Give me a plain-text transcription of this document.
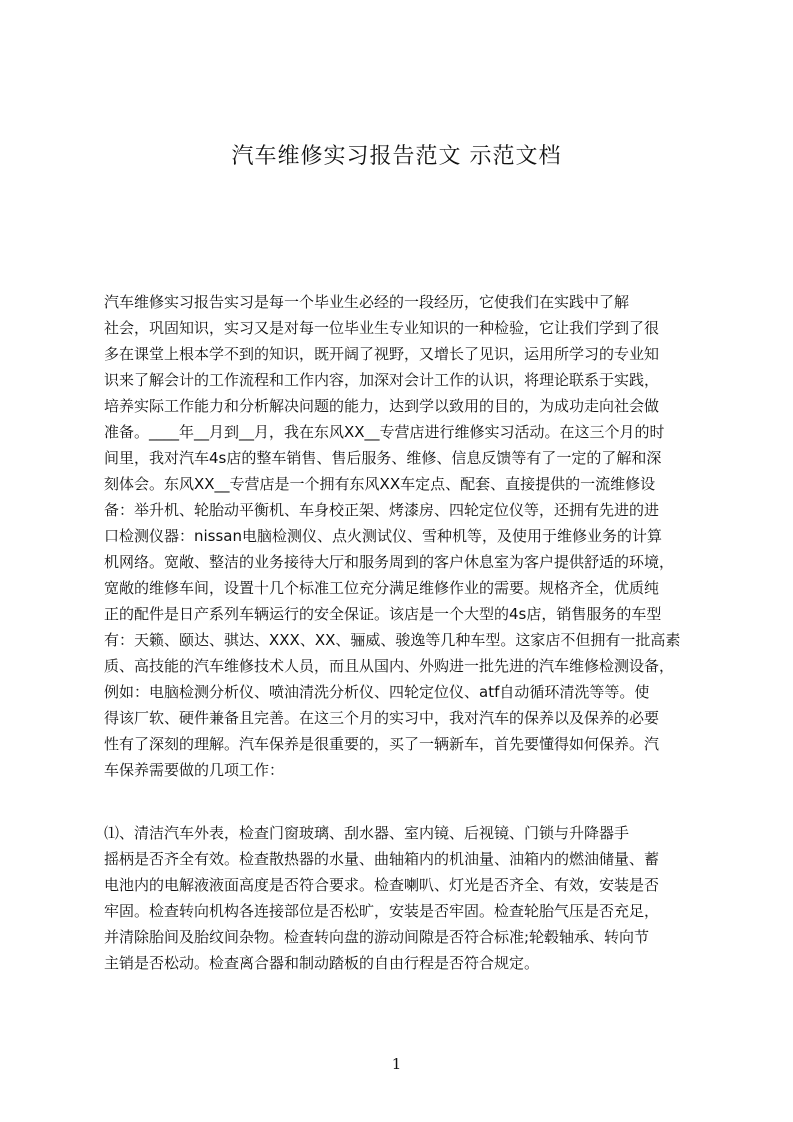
汽车维修实习报告范文 示范文档
汽车维修实习报告实习是每一个毕业生必经的一段经历，它使我们在实践中了解
社会，巩固知识，实习又是对每一位毕业生专业知识的一种检验，它让我们学到了很
多在课堂上根本学不到的知识，既开阔了视野，又增长了见识，运用所学习的专业知
识来了解会计的工作流程和工作内容，加深对会计工作的认识，将理论联系于实践，
培养实际工作能力和分析解决问题的能力，达到学以致用的目的，为成功走向社会做
准备。____年__月到__月，我在东风XX__专营店进行维修实习活动。在这三个月的时
间里，我对汽车4s店的整车销售、售后服务、维修、信息反馈等有了一定的了解和深
刻体会。东风XX__专营店是一个拥有东风XX车定点、配套、直接提供的一流维修设
备：举升机、轮胎动平衡机、车身校正架、烤漆房、四轮定位仪等，还拥有先进的进
口检测仪器：nissan电脑检测仪、点火测试仪、雪种机等，及使用于维修业务的计算
机网络。宽敞、整洁的业务接待大厅和服务周到的客户休息室为客户提供舒适的环境，
宽敞的维修车间，设置十几个标准工位充分满足维修作业的需要。规格齐全，优质纯
正的配件是日产系列车辆运行的安全保证。该店是一个大型的4s店，销售服务的车型
有：天籁、颐达、骐达、XXX、XX、骊威、骏逸等几种车型。这家店不但拥有一批高素
质、高技能的汽车维修技术人员，而且从国内、外购进一批先进的汽车维修检测设备，
例如：电脑检测分析仪、喷油清洗分析仪、四轮定位仪、atf自动循环清洗等等。使
得该厂软、硬件兼备且完善。在这三个月的实习中，我对汽车的保养以及保养的必要
性有了深刻的理解。汽车保养是很重要的，买了一辆新车，首先要懂得如何保养。汽
车保养需要做的几项工作：
⑴、清洁汽车外表，检查门窗玻璃、刮水器、室内镜、后视镜、门锁与升降器手
摇柄是否齐全有效。检查散热器的水量、曲轴箱内的机油量、油箱内的燃油储量、蓄
电池内的电解液液面高度是否符合要求。检查喇叭、灯光是否齐全、有效，安装是否
牢固。检查转向机构各连接部位是否松旷，安装是否牢固。检查轮胎气压是否充足，
并清除胎间及胎纹间杂物。检查转向盘的游动间隙是否符合标准;轮毂轴承、转向节
主销是否松动。检查离合器和制动踏板的自由行程是否符合规定。
1
